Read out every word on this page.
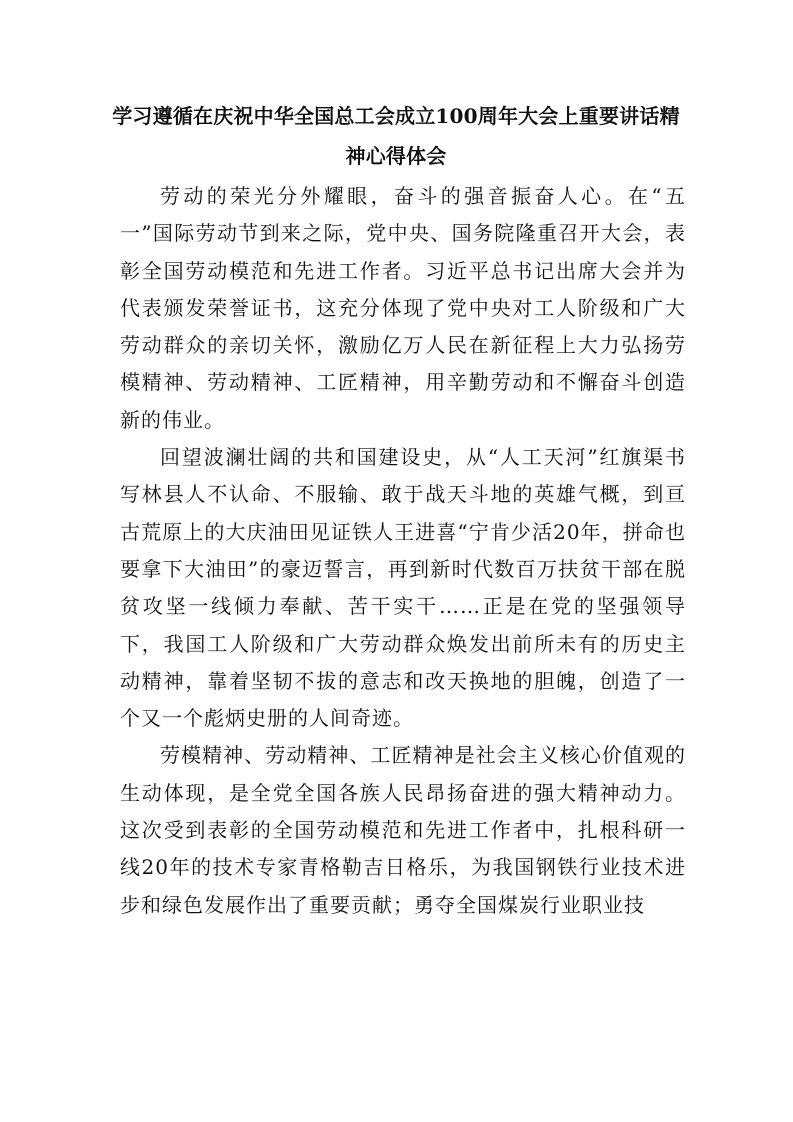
学习遵循在庆祝中华全国总工会成立100周年大会上重要讲话精神心得体会

劳动的荣光分外耀眼，奋斗的强音振奋人心。在“五一”国际劳动节到来之际，党中央、国务院隆重召开大会，表彰全国劳动模范和先进工作者。习近平总书记出席大会并为代表颁发荣誉证书，这充分体现了党中央对工人阶级和广大劳动群众的亲切关怀，激励亿万人民在新征程上大力弘扬劳模精神、劳动精神、工匠精神，用辛勤劳动和不懈奋斗创造新的伟业。

回望波澜壮阔的共和国建设史，从“人工天河”红旗渠书写林县人不认命、不服输、敢于战天斗地的英雄气概，到亘古荒原上的大庆油田见证铁人王进喜“宁肯少活20年，拼命也要拿下大油田”的豪迈誓言，再到新时代数百万扶贫干部在脱贫攻坚一线倾力奉献、苦干实干……正是在党的坚强领导下，我国工人阶级和广大劳动群众焕发出前所未有的历史主动精神，靠着坚韧不拔的意志和改天换地的胆魄，创造了一个又一个彪炳史册的人间奇迹。

劳模精神、劳动精神、工匠精神是社会主义核心价值观的生动体现，是全党全国各族人民昂扬奋进的强大精神动力。这次受到表彰的全国劳动模范和先进工作者中，扎根科研一线20年的技术专家青格勒吉日格乐，为我国钢铁行业技术进步和绿色发展作出了重要贡献；勇夺全国煤炭行业职业技
